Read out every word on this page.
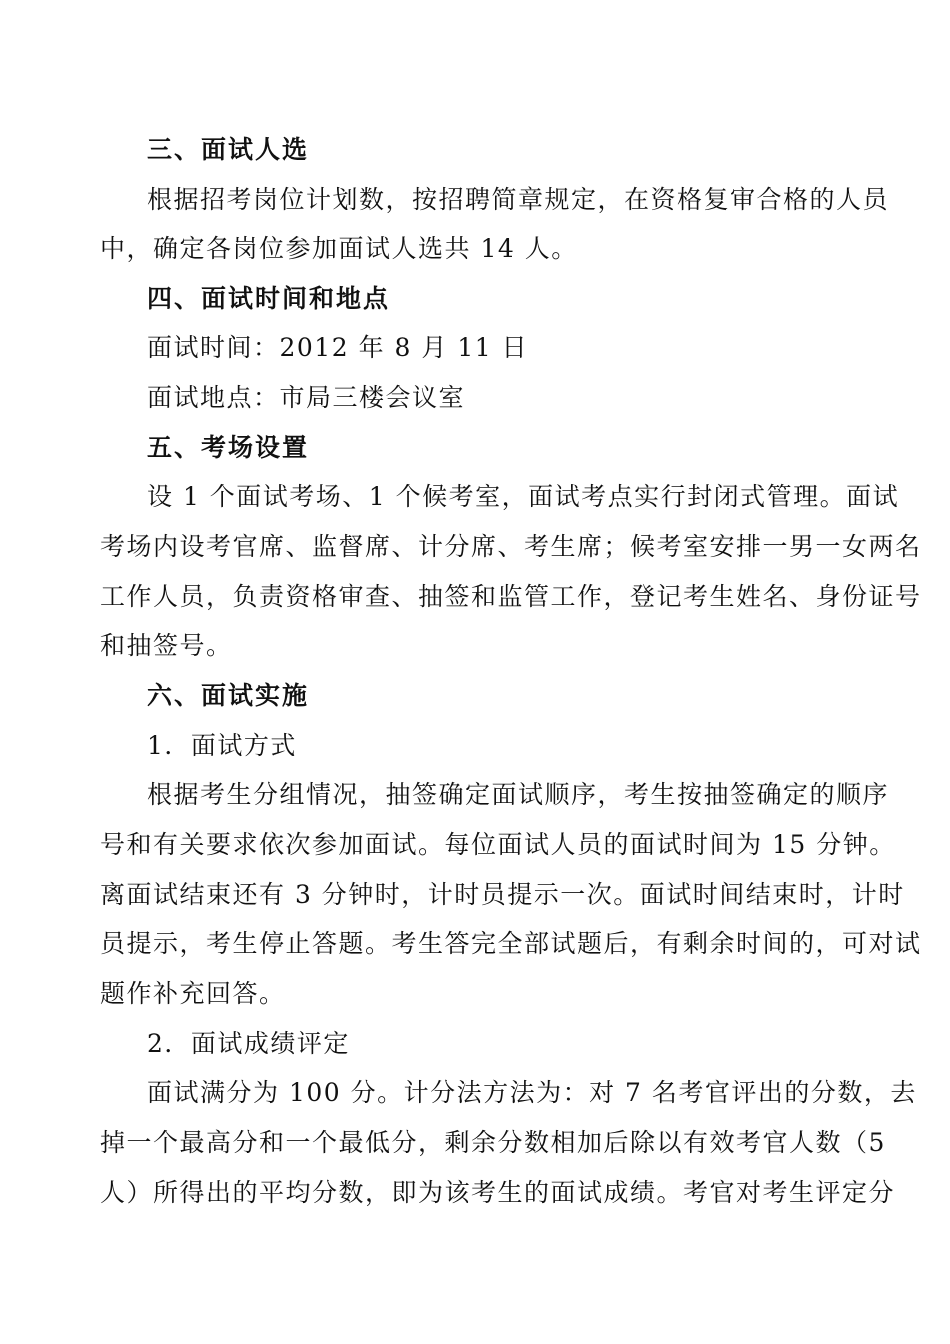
三、面试人选
根据招考岗位计划数，按招聘简章规定，在资格复审合格的人员
中，确定各岗位参加面试人选共 14 人。
四、面试时间和地点
面试时间：2012 年 8 月 11 日
面试地点：市局三楼会议室
五、考场设置
设 1 个面试考场、1 个候考室，面试考点实行封闭式管理。面试
考场内设考官席、监督席、计分席、考生席；候考室安排一男一女两名
工作人员，负责资格审查、抽签和监管工作，登记考生姓名、身份证号
和抽签号。
六、面试实施
1．面试方式
根据考生分组情况，抽签确定面试顺序，考生按抽签确定的顺序
号和有关要求依次参加面试。每位面试人员的面试时间为 15 分钟。
离面试结束还有 3 分钟时，计时员提示一次。面试时间结束时，计时
员提示，考生停止答题。考生答完全部试题后，有剩余时间的，可对试
题作补充回答。
2．面试成绩评定
面试满分为 100 分。计分法方法为：对 7 名考官评出的分数，去
掉一个最高分和一个最低分，剩余分数相加后除以有效考官人数（5
人）所得出的平均分数，即为该考生的面试成绩。考官对考生评定分
